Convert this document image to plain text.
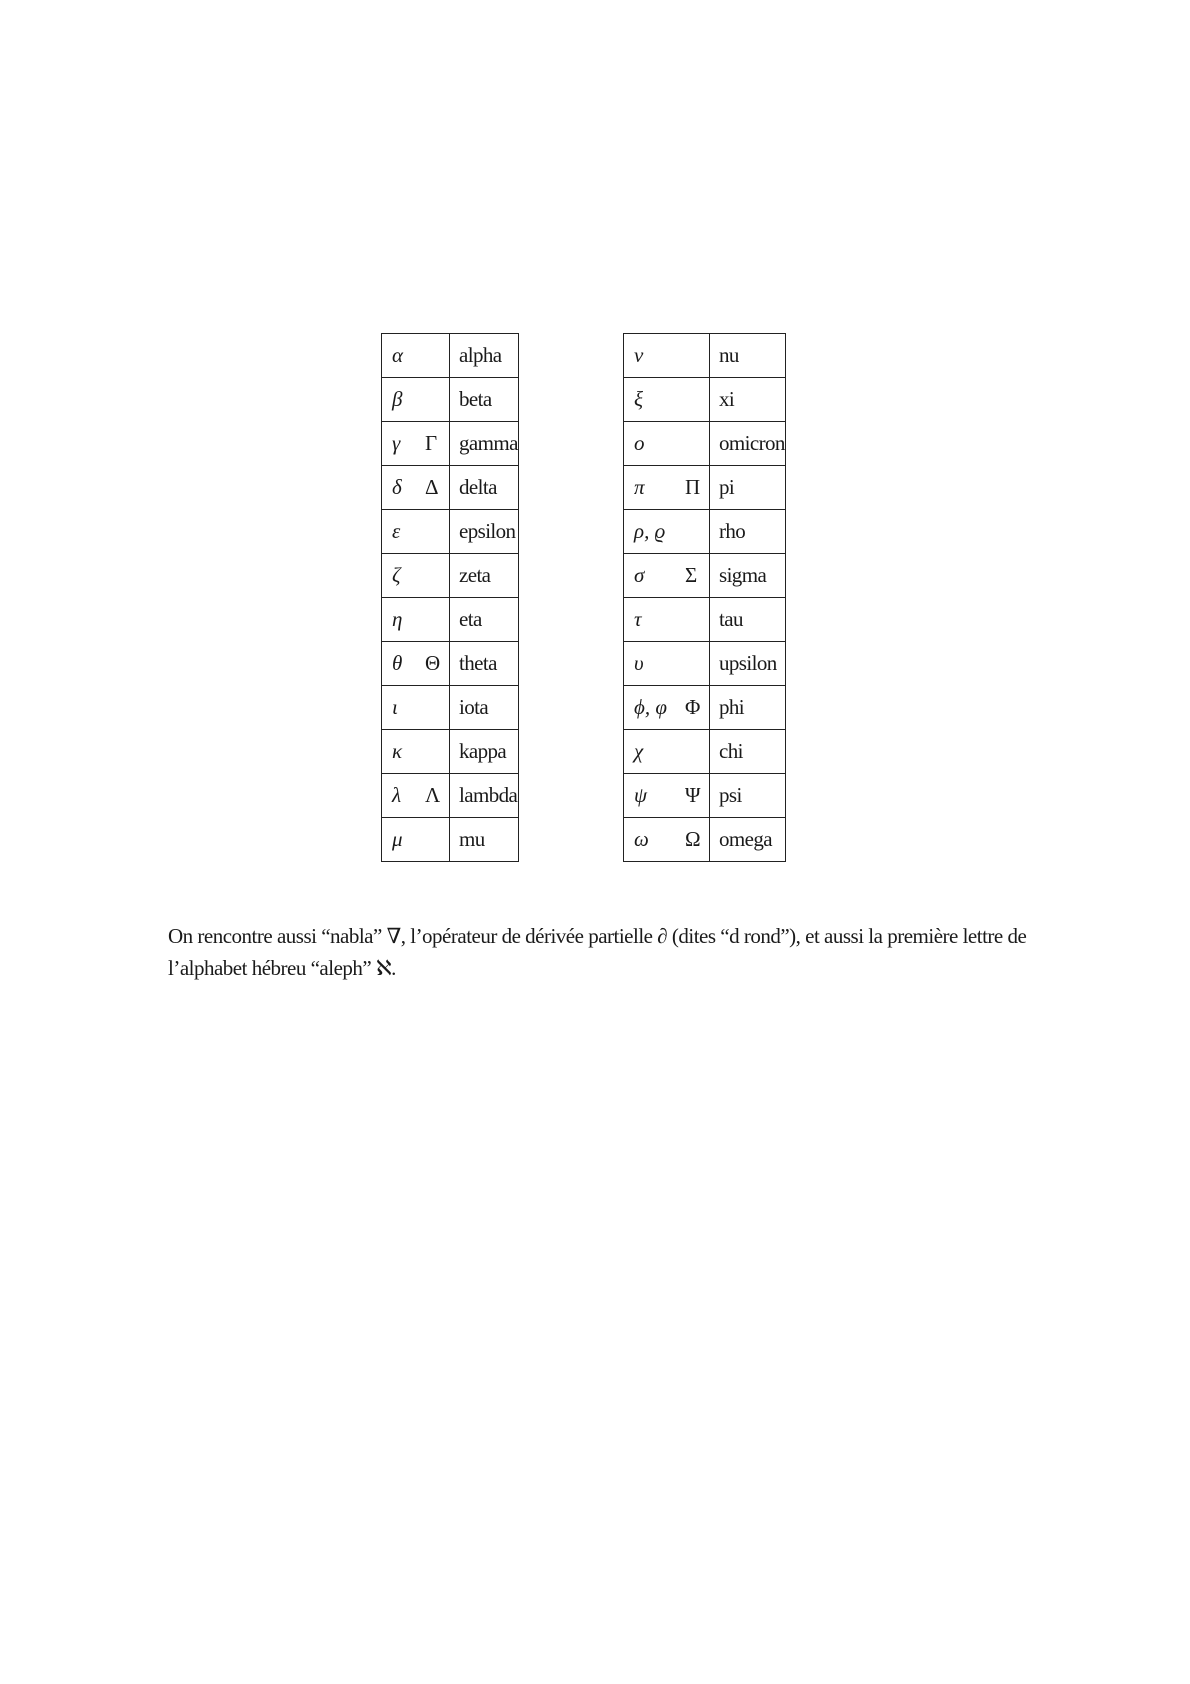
α	alpha

β	beta

γ Γ	gamma

δ Δ	delta

ε	epsilon

ζ	zeta

η	eta

θ Θ	theta

ι	iota

κ	kappa

λ Λ	lambda

μ	mu
ν	nu

ξ	xi

ο	omicron

π Π	pi

ρ, ϱ	rho

σ Σ	sigma

τ	tau

υ	upsilon

ϕ, φ Φ	phi

χ	chi

ψ Ψ	psi

ω Ω	omega

On rencontre aussi “nabla” ∇, l’opérateur de dérivée partielle ∂ (dites “d rond”), et aussi la première lettre de l’alphabet hébreu “aleph” ℵ.
